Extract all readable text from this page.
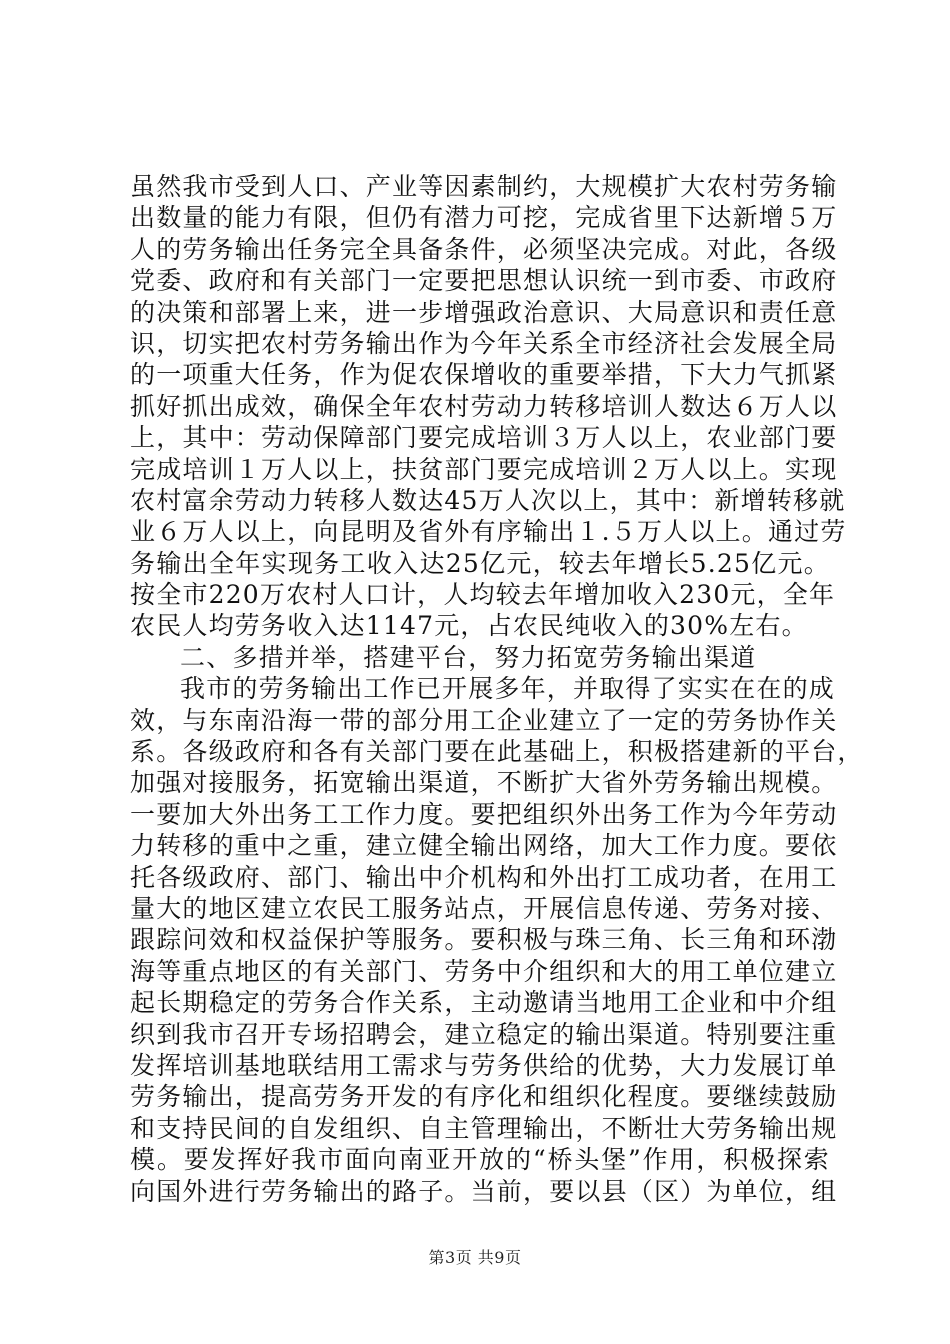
虽然我市受到人口、产业等因素制约，大规模扩大农村劳务输
出数量的能力有限，但仍有潜力可挖，完成省里下达新增５万
人的劳务输出任务完全具备条件，必须坚决完成。对此，各级
党委、政府和有关部门一定要把思想认识统一到市委、市政府
的决策和部署上来，进一步增强政治意识、大局意识和责任意
识，切实把农村劳务输出作为今年关系全市经济社会发展全局
的一项重大任务，作为促农保增收的重要举措，下大力气抓紧
抓好抓出成效，确保全年农村劳动力转移培训人数达６万人以
上，其中：劳动保障部门要完成培训３万人以上，农业部门要
完成培训１万人以上，扶贫部门要完成培训２万人以上。实现
农村富余劳动力转移人数达45万人次以上，其中：新增转移就
业６万人以上，向昆明及省外有序输出１.５万人以上。通过劳
务输出全年实现务工收入达25亿元，较去年增长5.25亿元。
按全市220万农村人口计，人均较去年增加收入230元，全年
农民人均劳务收入达1147元，占农民纯收入的30%左右。
二、多措并举，搭建平台，努力拓宽劳务输出渠道
我市的劳务输出工作已开展多年，并取得了实实在在的成
效，与东南沿海一带的部分用工企业建立了一定的劳务协作关
系。各级政府和各有关部门要在此基础上，积极搭建新的平台，
加强对接服务，拓宽输出渠道，不断扩大省外劳务输出规模。
一要加大外出务工工作力度。要把组织外出务工作为今年劳动
力转移的重中之重，建立健全输出网络，加大工作力度。要依
托各级政府、部门、输出中介机构和外出打工成功者，在用工
量大的地区建立农民工服务站点，开展信息传递、劳务对接、
跟踪问效和权益保护等服务。要积极与珠三角、长三角和环渤
海等重点地区的有关部门、劳务中介组织和大的用工单位建立
起长期稳定的劳务合作关系，主动邀请当地用工企业和中介组
织到我市召开专场招聘会，建立稳定的输出渠道。特别要注重
发挥培训基地联结用工需求与劳务供给的优势，大力发展订单
劳务输出，提高劳务开发的有序化和组织化程度。要继续鼓励
和支持民间的自发组织、自主管理输出，不断壮大劳务输出规
模。要发挥好我市面向南亚开放的“桥头堡”作用，积极探索
向国外进行劳务输出的路子。当前，要以县（区）为单位，组
第3页 共9页
